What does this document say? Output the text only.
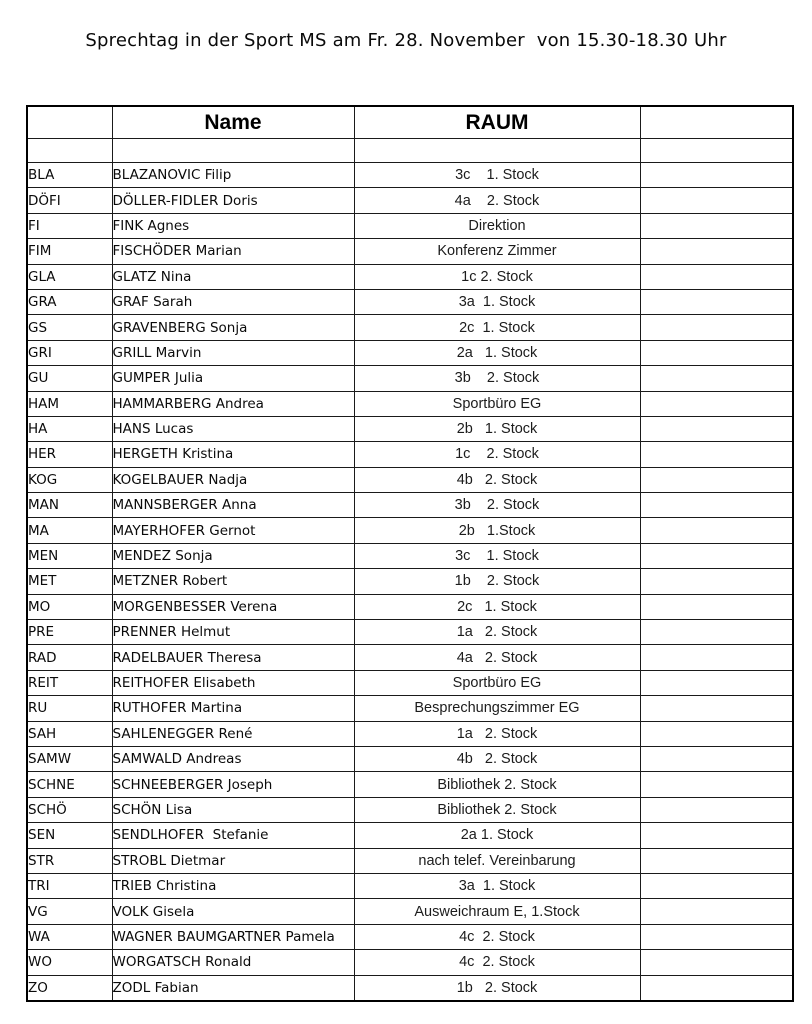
Sprechtag in der Sport MS am Fr. 28. November  von 15.30-18.30 Uhr
	Name	RAUM	

BLA	BLAZANOVIC Filip	3c    1. Stock	
DÖFI	DÖLLER-FIDLER Doris	4a    2. Stock	
FI	FINK Agnes	Direktion	
FIM	FISCHÖDER Marian	Konferenz Zimmer	
GLA	GLATZ Nina	1c 2. Stock	
GRA	GRAF Sarah	3a  1. Stock	
GS	GRAVENBERG Sonja	2c  1. Stock	
GRI	GRILL Marvin	2a   1. Stock	
GU	GUMPER Julia	3b    2. Stock	
HAM	HAMMARBERG Andrea	Sportbüro EG	
HA	HANS Lucas	2b   1. Stock	
HER	HERGETH Kristina	1c    2. Stock	
KOG	KOGELBAUER Nadja	4b   2. Stock	
MAN	MANNSBERGER Anna	3b    2. Stock	
MA	MAYERHOFER Gernot	2b   1.Stock	
MEN	MENDEZ Sonja	3c    1. Stock	
MET	METZNER Robert	1b    2. Stock	
MO	MORGENBESSER Verena	2c   1. Stock	
PRE	PRENNER Helmut	1a   2. Stock	
RAD	RADELBAUER Theresa	4a   2. Stock	
REIT	REITHOFER Elisabeth	Sportbüro EG	
RU	RUTHOFER Martina	Besprechungszimmer EG	
SAH	SAHLENEGGER René	1a   2. Stock	
SAMW	SAMWALD Andreas	4b   2. Stock	
SCHNE	SCHNEEBERGER Joseph	Bibliothek 2. Stock	
SCHÖ	SCHÖN Lisa	Bibliothek 2. Stock	
SEN	SENDLHOFER  Stefanie	2a 1. Stock	
STR	STROBL Dietmar	nach telef. Vereinbarung	
TRI	TRIEB Christina	3a  1. Stock	
VG	VOLK Gisela	Ausweichraum E, 1.Stock	
WA	WAGNER BAUMGARTNER Pamela	4c  2. Stock	
WO	WORGATSCH Ronald	4c  2. Stock	
ZO	ZODL Fabian	1b   2. Stock	
